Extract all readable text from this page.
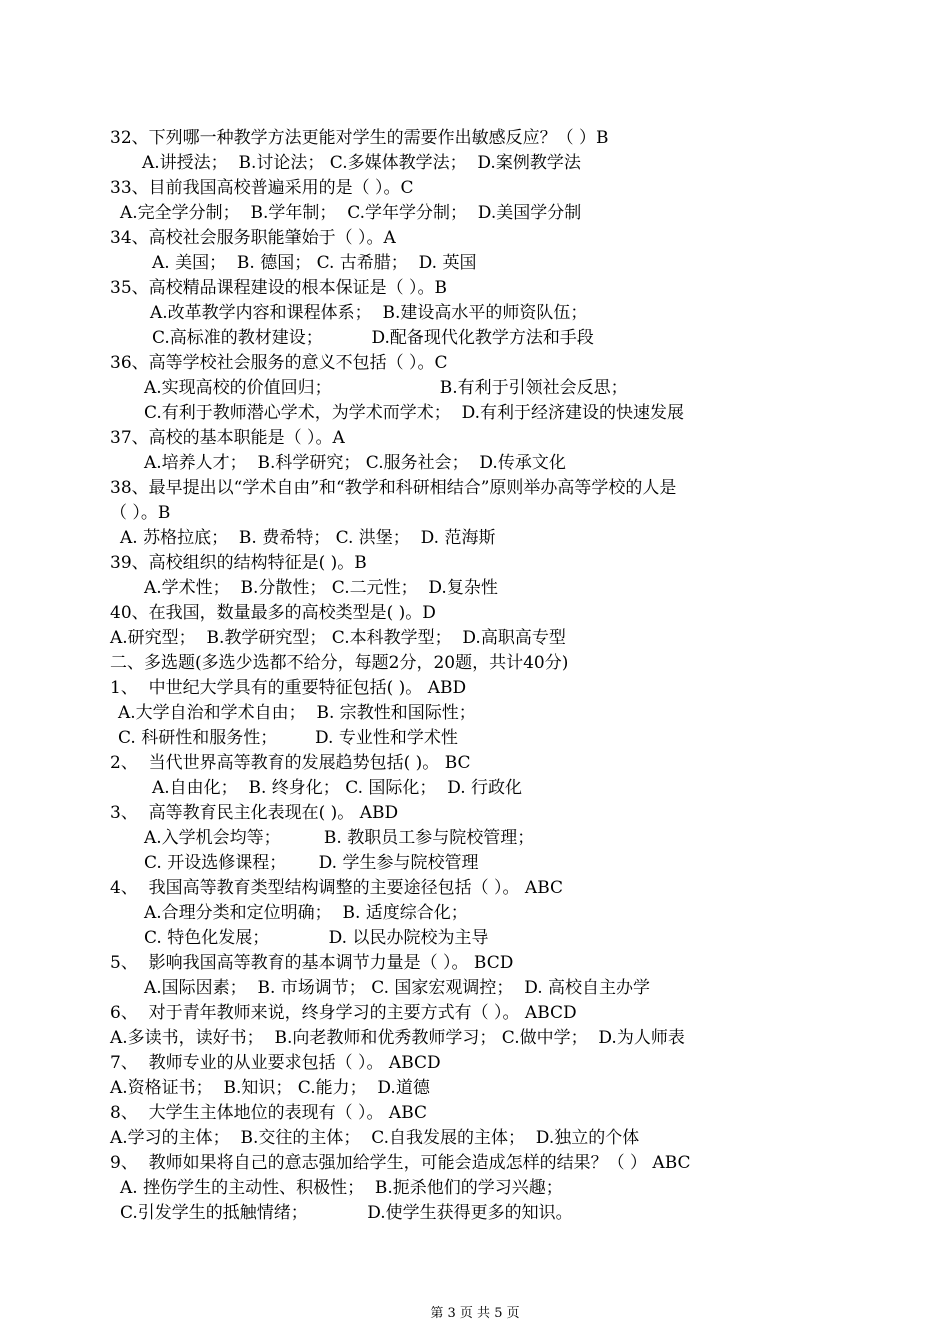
32、下列哪一种教学方法更能对学生的需要作出敏感反应？（ ）B
A.讲授法；  B.讨论法； C.多媒体教学法；  D.案例教学法
33、目前我国高校普遍采用的是（ ）。C
A.完全学分制；  B.学年制；  C.学年学分制；  D.美国学分制
34、高校社会服务职能肇始于（ ）。A
A. 美国；  B. 德国； C. 古希腊；  D. 英国
35、高校精品课程建设的根本保证是（ ）。B
A.改革教学内容和课程体系；  B.建设高水平的师资队伍；
C.高标准的教材建设；         D.配备现代化教学方法和手段
36、高等学校社会服务的意义不包括（ ）。C
A.实现高校的价值回归；                    B.有利于引领社会反思；
C.有利于教师潜心学术，为学术而学术；  D.有利于经济建设的快速发展
37、高校的基本职能是（ ）。A
A.培养人才；  B.科学研究； C.服务社会；  D.传承文化
38、最早提出以“学术自由”和“教学和科研相结合”原则举办高等学校的人是
（ ）。B
A. 苏格拉底；  B. 费希特； C. 洪堡；  D. 范海斯
39、高校组织的结构特征是( )。B
A.学术性；  B.分散性； C.二元性；  D.复杂性
40、在我国，数量最多的高校类型是( )。D
A.研究型；  B.教学研究型； C.本科教学型；  D.高职高专型
二、多选题(多选少选都不给分，每题2分，20题，共计40分)
1、  中世纪大学具有的重要特征包括( )。 ABD
A.大学自治和学术自由；  B. 宗教性和国际性；
C. 科研性和服务性；       D. 专业性和学术性
2、  当代世界高等教育的发展趋势包括( )。 BC
A.自由化；  B. 终身化； C. 国际化；  D. 行政化
3、  高等教育民主化表现在( )。 ABD
A.入学机会均等；        B. 教职员工参与院校管理；
C. 开设选修课程；      D. 学生参与院校管理
4、  我国高等教育类型结构调整的主要途径包括（ ）。 ABC
A.合理分类和定位明确；  B. 适度综合化；
C. 特色化发展；           D. 以民办院校为主导
5、  影响我国高等教育的基本调节力量是（ ）。 BCD
A.国际因素；  B. 市场调节； C. 国家宏观调控；  D. 高校自主办学
6、  对于青年教师来说，终身学习的主要方式有（ ）。 ABCD
A.多读书，读好书；  B.向老教师和优秀教师学习； C.做中学；  D.为人师表
7、  教师专业的从业要求包括（ ）。 ABCD
A.资格证书；  B.知识； C.能力；  D.道德
8、  大学生主体地位的表现有（ ）。 ABC
A.学习的主体；  B.交往的主体；  C.自我发展的主体；  D.独立的个体
9、  教师如果将自己的意志强加给学生，可能会造成怎样的结果？（ ） ABC
A. 挫伤学生的主动性、积极性；  B.扼杀他们的学习兴趣；
C.引发学生的抵触情绪；           D.使学生获得更多的知识。
第 3 页 共 5 页
